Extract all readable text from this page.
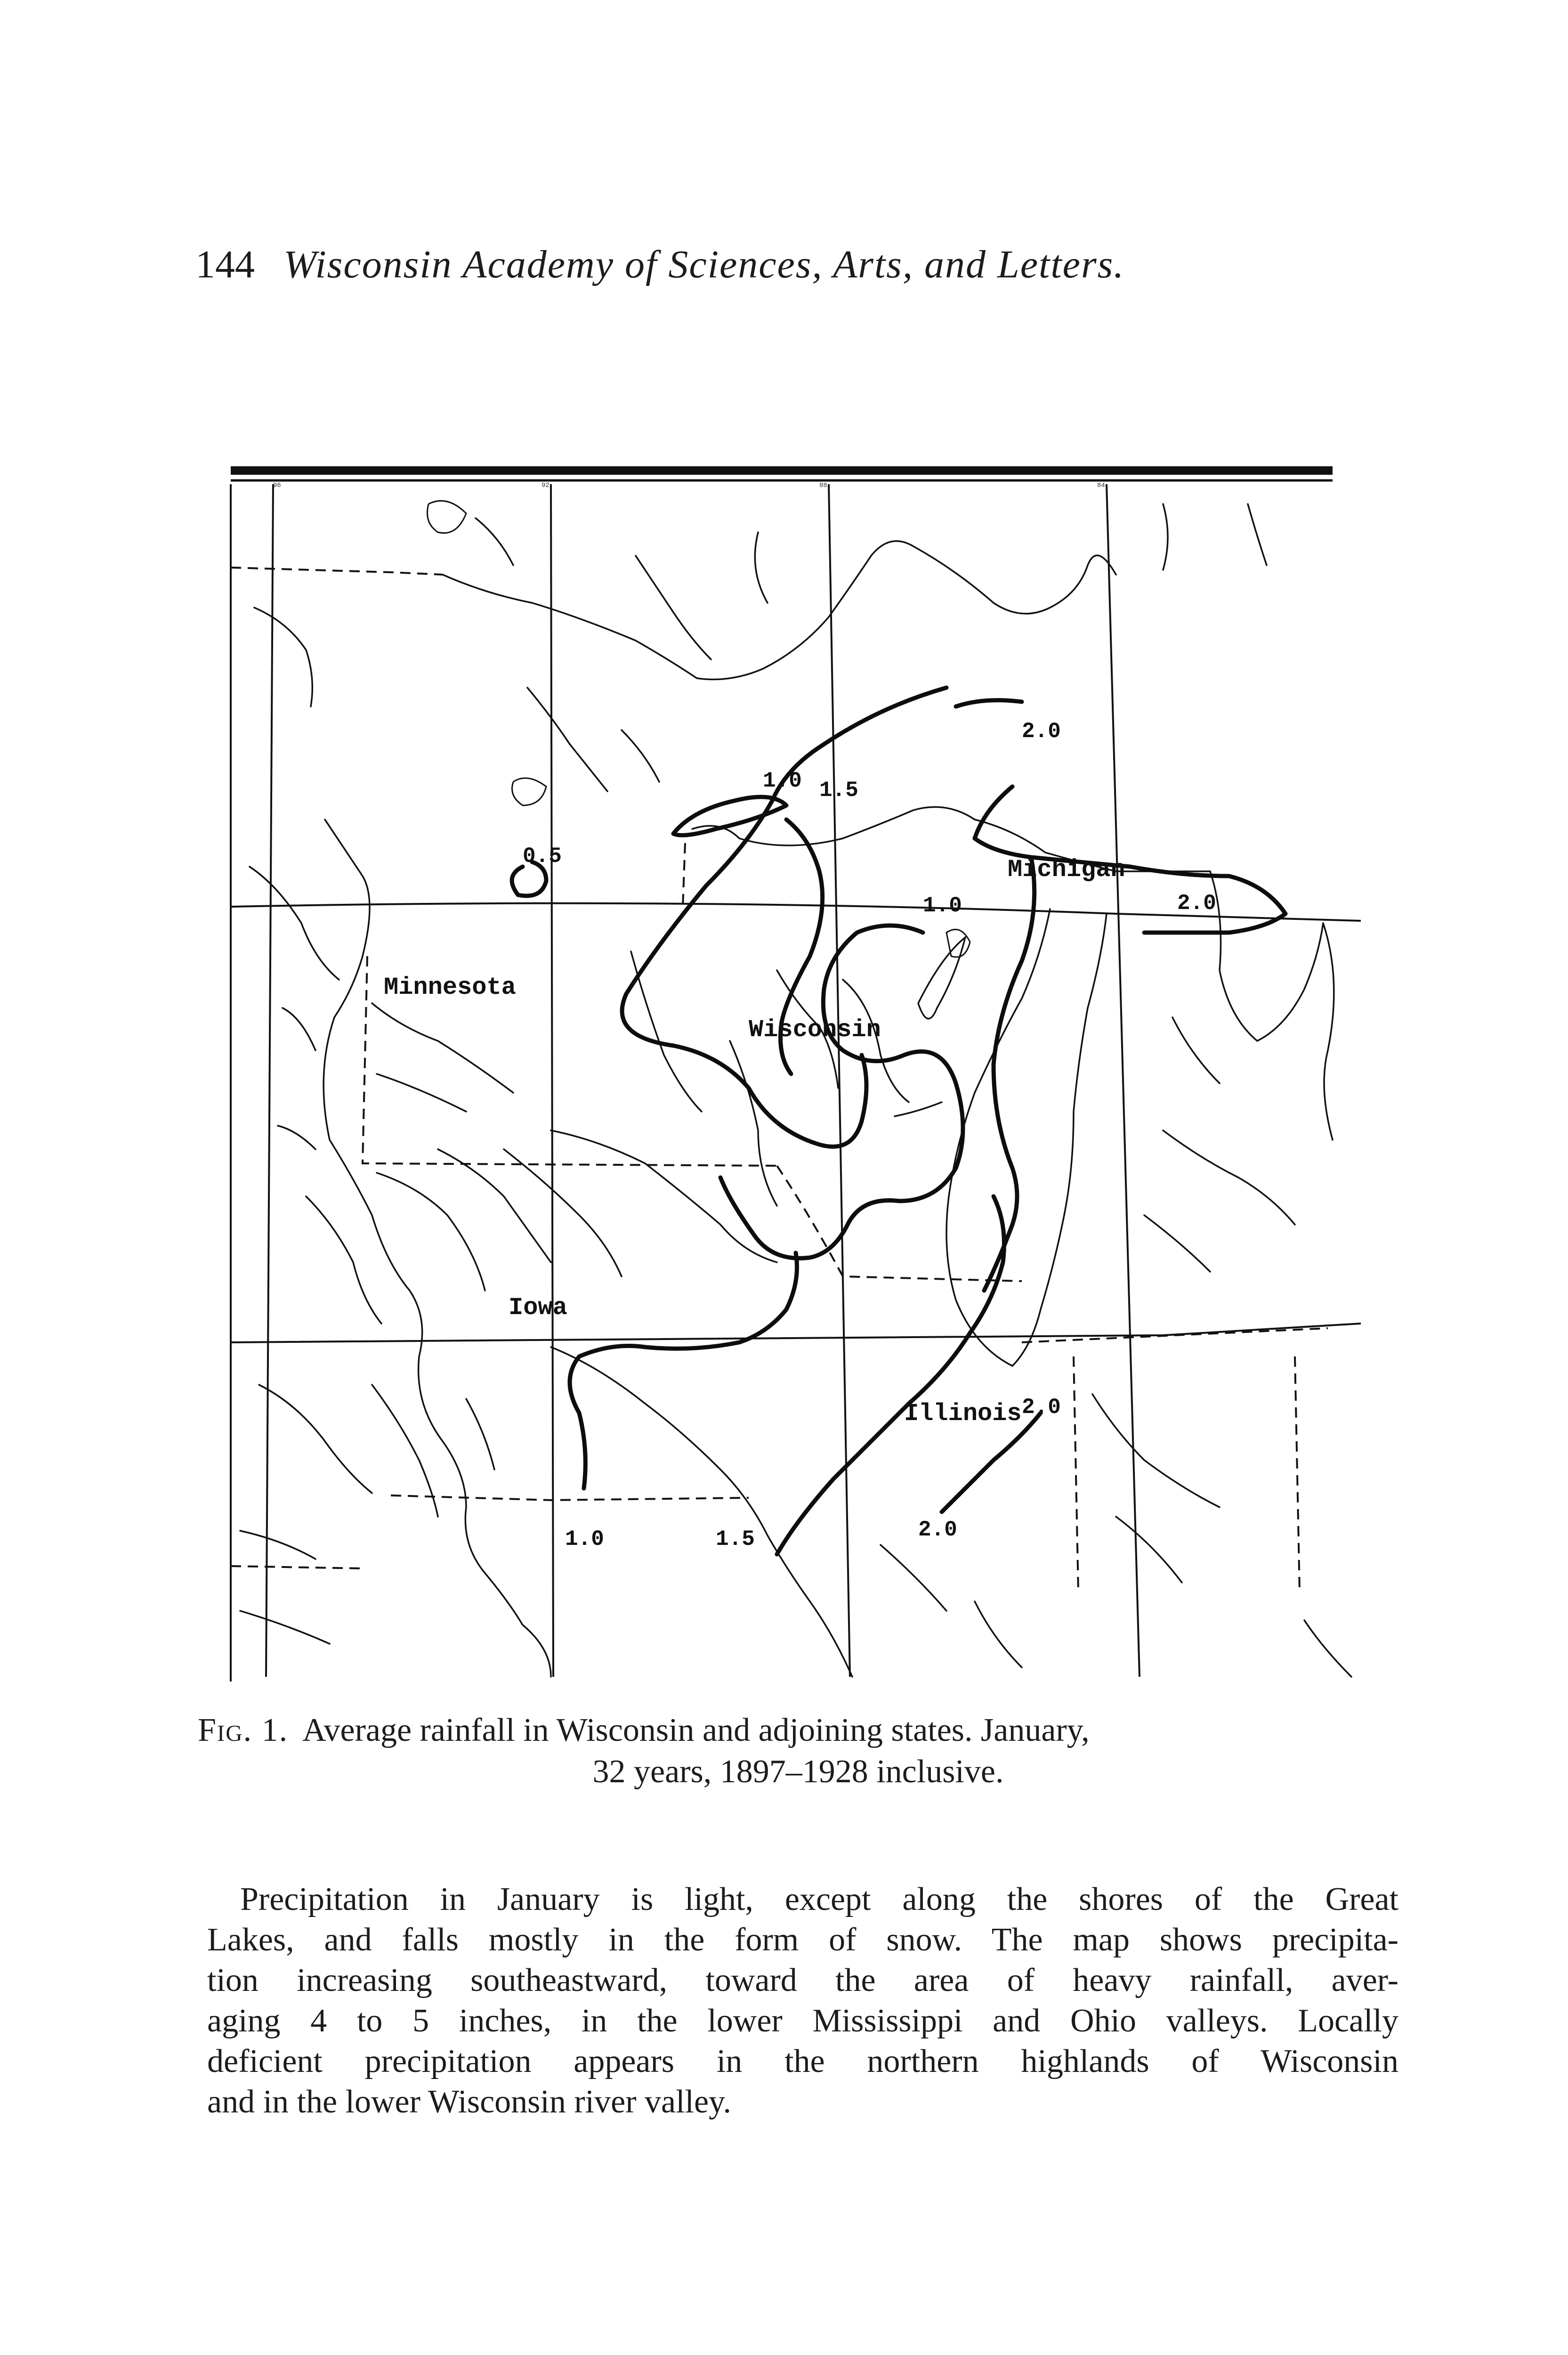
144 Wisconsin Academy of Sciences, Arts, and Letters.
96	92	88	84
Minnesota
Wisconsin
Michigan
Iowa
Illinois
0.5
1.0 1.5
1.0
2.0
2.0
1.0	1.5
2.0
2.0
Fig. 1. Average rainfall in Wisconsin and adjoining states. January,
32 years, 1897–1928 inclusive.

Precipitation in January is light, except along the shores of the Great
Lakes, and falls mostly in the form of snow. The map shows precipita-
tion increasing southeastward, toward the area of heavy rainfall, aver-
aging 4 to 5 inches, in the lower Mississippi and Ohio valleys. Locally
deficient precipitation appears in the northern highlands of Wisconsin
and in the lower Wisconsin river valley.
